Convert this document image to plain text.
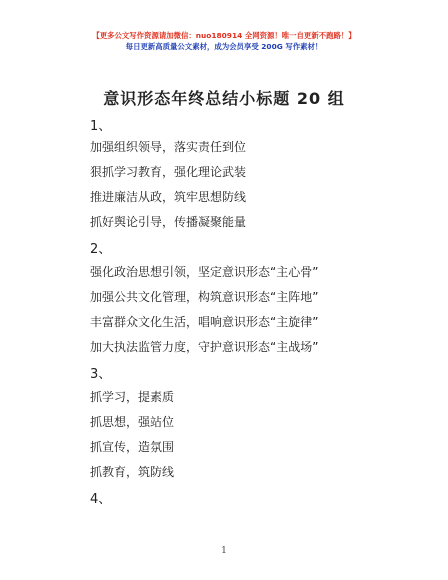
【更多公文写作资源请加微信：nuo180914 全网资源！唯一自更新不跑路！】
每日更新高质量公文素材，成为会员享受 200G 写作素材！
意识形态年终总结小标题 20 组
1、
加强组织领导，落实责任到位
狠抓学习教育，强化理论武装
推进廉洁从政，筑牢思想防线
抓好舆论引导，传播凝聚能量
2、
强化政治思想引领，坚定意识形态“主心骨”
加强公共文化管理，构筑意识形态“主阵地”
丰富群众文化生活，唱响意识形态“主旋律”
加大执法监管力度，守护意识形态“主战场”
3、
抓学习，提素质
抓思想，强站位
抓宣传，造氛围
抓教育，筑防线
4、
1
